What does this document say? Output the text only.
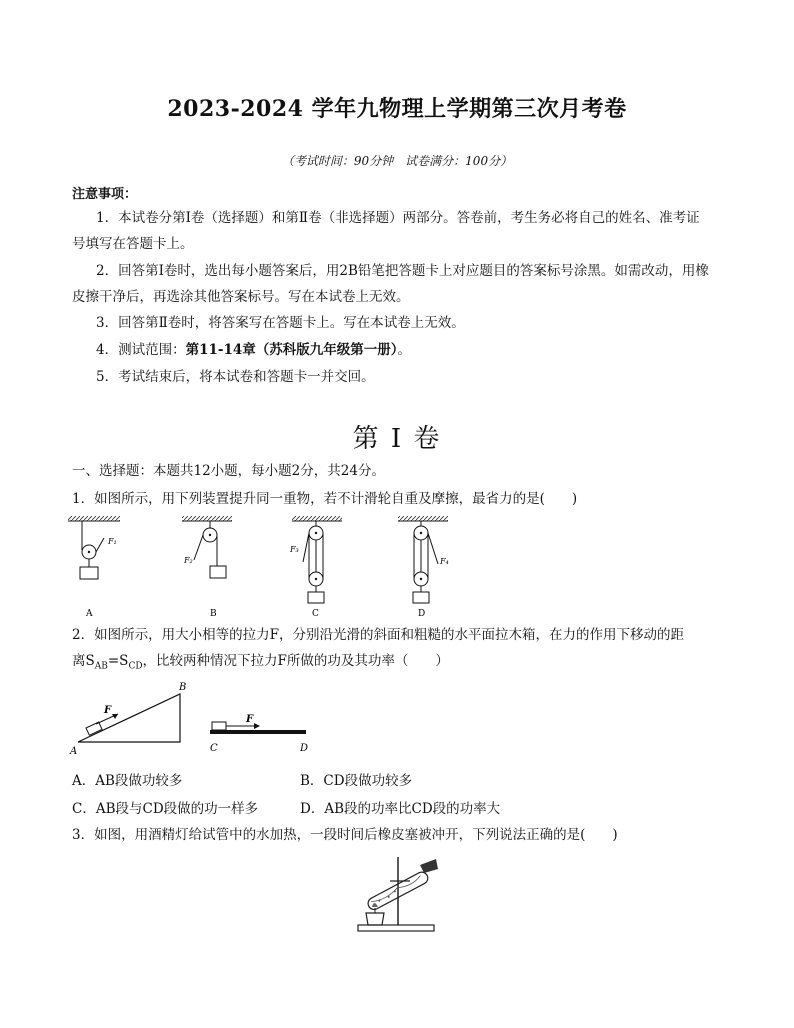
2023-2024 学年九物理上学期第三次月考卷
（考试时间：90分钟　试卷满分：100分）
注意事项：
1．本试卷分第Ⅰ卷（选择题）和第Ⅱ卷（非选择题）两部分。答卷前，考生务必将自己的姓名、准考证
号填写在答题卡上。
2．回答第Ⅰ卷时，选出每小题答案后，用2B铅笔把答题卡上对应题目的答案标号涂黑。如需改动，用橡
皮擦干净后，再选涂其他答案标号。写在本试卷上无效。
3．回答第Ⅱ卷时，将答案写在答题卡上。写在本试卷上无效。
4．测试范围：第11-14章（苏科版九年级第一册）。
5．考试结束后，将本试卷和答题卡一并交回。
第 I 卷
一、选择题：本题共12小题，每小题2分，共24分。
1．如图所示，用下列装置提升同一重物，若不计滑轮自重及摩擦，最省力的是(　　)
F₁
A
F₂
B
F₃
C
F₄
D
2．如图所示，用大小相等的拉力F，分别沿光滑的斜面和粗糙的水平面拉木箱，在力的作用下移动的距
离$S_{AB}=S_{CD}$，比较两种情况下拉力F所做的功及其功率（　　）
F
A
B
F
C	D
A．AB段做功较多	B．CD段做功较多
C．AB段与CD段做的功一样多	D．AB段的功率比CD段的功率大
3．如图，用酒精灯给试管中的水加热，一段时间后橡皮塞被冲开，下列说法正确的是(　　)
